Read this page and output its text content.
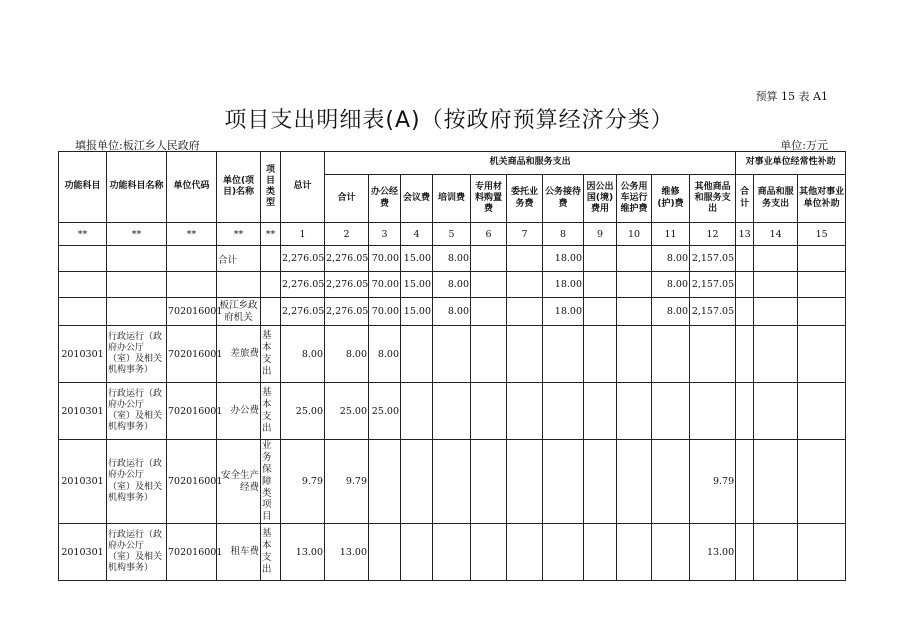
预算 15 表 A1
项目支出明细表(A)（按政府预算经济分类）
填报单位:板江乡人民政府	单位:万元
功能科目	功能科目名称	单位代码	单位(项目)名称	项目类型	总计	机关商品和服务支出											对事业单位经常性补助		
						合计	办公经费	会议费	培训费	专用材料购置费	委托业务费	公务接待费	因公出国(境)费用	公务用车运行维护费	维修(护)费	其他商品和服务支出	合计	商品和服务支出	其他对事业单位补助
**	**	**	**	**	1	2	3	4	5	6	7	8	9	10	11	12	13	14	15
			合计		2,276.05	2,276.05	70.00	15.00	8.00			18.00			8.00	2,157.05			
					2,276.05	2,276.05	70.00	15.00	8.00			18.00			8.00	2,157.05			
		702016001	板江乡政府机关		2,276.05	2,276.05	70.00	15.00	8.00			18.00			8.00	2,157.05			
2010301	行政运行（政府办公厅（室）及相关机构事务）	702016001	差旅费	基本支出	8.00	8.00	8.00												
2010301	行政运行（政府办公厅（室）及相关机构事务）	702016001	办公费	基本支出	25.00	25.00	25.00												
2010301	行政运行（政府办公厅（室）及相关机构事务）	702016001	安全生产经费	业务保障类项目	9.79	9.79										9.79			
2010301	行政运行（政府办公厅（室）及相关机构事务）	702016001	租车费	基本支出	13.00	13.00										13.00			
